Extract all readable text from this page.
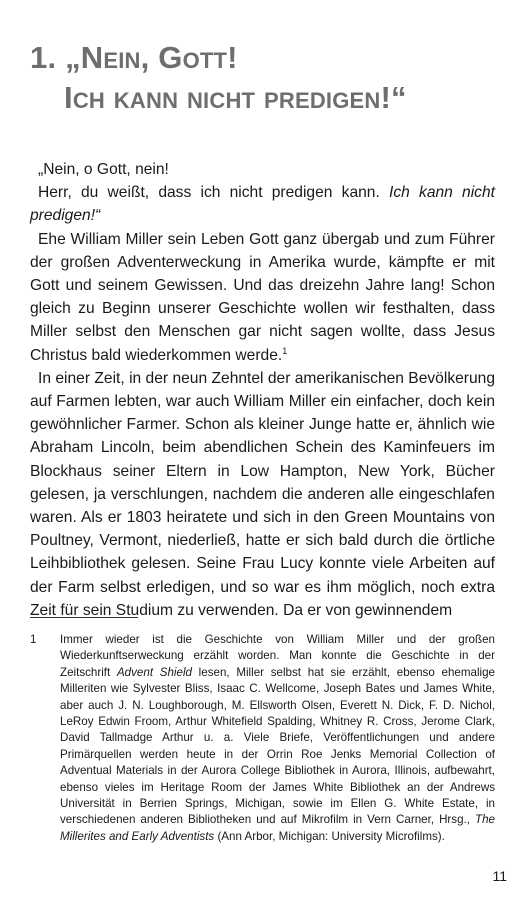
1. „Nein, Gott!
Ich kann nicht predigen!“

„Nein, o Gott, nein!

Herr, du weißt, dass ich nicht predigen kann. Ich kann nicht predigen!“

Ehe William Miller sein Leben Gott ganz übergab und zum Führer der großen Adventerweckung in Amerika wurde, kämpfte er mit Gott und seinem Gewissen. Und das dreizehn Jahre lang! Schon gleich zu Beginn unserer Geschichte wollen wir festhalten, dass Miller selbst den Menschen gar nicht sagen wollte, dass Jesus Christus bald wiederkommen werde.$^1$

In einer Zeit, in der neun Zehntel der amerikanischen Bevölkerung auf Farmen lebten, war auch William Miller ein einfacher, doch kein gewöhnlicher Farmer. Schon als kleiner Junge hatte er, ähnlich wie Abraham Lincoln, beim abendlichen Schein des Kaminfeuers im Blockhaus seiner Eltern in Low Hampton, New York, Bücher gelesen, ja verschlungen, nachdem die anderen alle eingeschlafen waren. Als er 1803 heiratete und sich in den Green Mountains von Poultney, Vermont, niederließ, hatte er sich bald durch die örtliche Leihbibliothek gelesen. Seine Frau Lucy konnte viele Arbeiten auf der Farm selbst erledigen, und so war es ihm möglich, noch extra Zeit für sein Studium zu verwenden. Da er von gewinnendem

1	Immer wieder ist die Geschichte von William Miller und der großen Wiederkunftserweckung erzählt worden. Man konnte die Geschichte in der Zeitschrift Advent Shield lesen, Miller selbst hat sie erzählt, ebenso ehemalige Milleriten wie Sylvester Bliss, Isaac C. Wellcome, Joseph Bates und James White, aber auch J. N. Loughborough, M. Ellsworth Olsen, Everett N. Dick, F. D. Nichol, LeRoy Edwin Froom, Arthur Whitefield Spalding, Whitney R. Cross, Jerome Clark, David Tallmadge Arthur u. a. Viele Briefe, Veröffentlichungen und andere Primärquellen werden heute in der Orrin Roe Jenks Memorial Collection of Adventual Materials in der Aurora College Bibliothek in Aurora, Illinois, aufbewahrt, ebenso vieles im Heritage Room der James White Bibliothek an der Andrews Universität in Berrien Springs, Michigan, sowie im Ellen G. White Estate, in verschiedenen anderen Bibliotheken und auf Mikrofilm in Vern Carner, Hrsg., The Millerites and Early Adventists (Ann Arbor, Michigan: University Microfilms).
11
